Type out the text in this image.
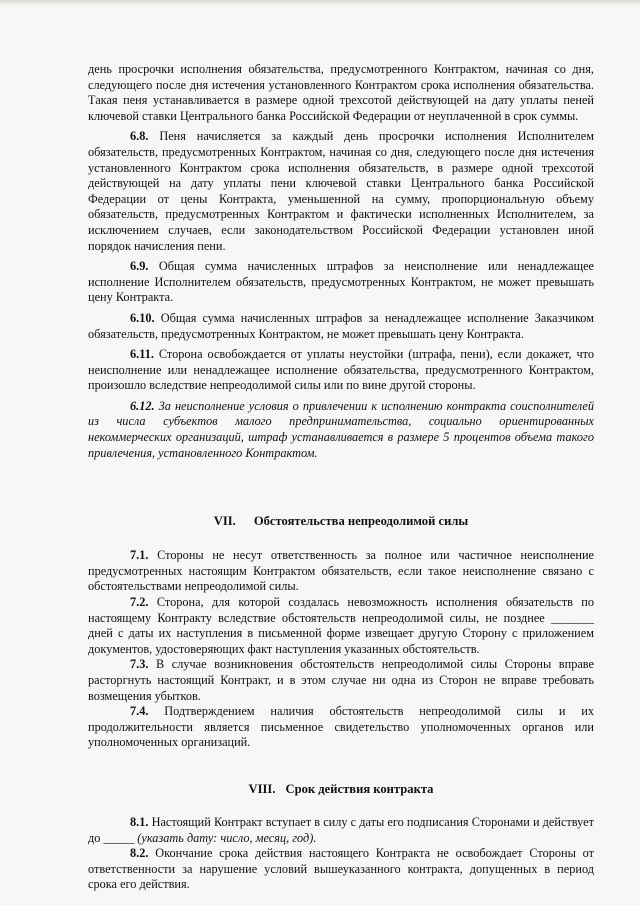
день просрочки исполнения обязательства, предусмотренного Контрактом, начиная со дня, следующего после дня истечения установленного Контрактом срока исполнения обязательства. Такая пеня устанавливается в размере одной трехсотой действующей на дату уплаты пеней ключевой ставки Центрального банка Российской Федерации от неуплаченной в срок суммы.

6.8. Пеня начисляется за каждый день просрочки исполнения Исполнителем обязательств, предусмотренных Контрактом, начиная со дня, следующего после дня истечения установленного Контрактом срока исполнения обязательств, в размере одной трехсотой действующей на дату уплаты пени ключевой ставки Центрального банка Российской Федерации от цены Контракта, уменьшенной на сумму, пропорциональную объему обязательств, предусмотренных Контрактом и фактически исполненных Исполнителем, за исключением случаев, если законодательством Российской Федерации установлен иной порядок начисления пени.

6.9. Общая сумма начисленных штрафов за неисполнение или ненадлежащее исполнение Исполнителем обязательств, предусмотренных Контрактом, не может превышать цену Контракта.

6.10. Общая сумма начисленных штрафов за ненадлежащее исполнение Заказчиком обязательств, предусмотренных Контрактом, не может превышать цену Контракта.

6.11. Сторона освобождается от уплаты неустойки (штрафа, пени), если докажет, что неисполнение или ненадлежащее исполнение обязательства, предусмотренного Контрактом, произошло вследствие непреодолимой силы или по вине другой стороны.

6.12. За неисполнение условия о привлечении к исполнению контракта соисполнителей из числа субъектов малого предпринимательства, социально ориентированных некоммерческих организаций, штраф устанавливается в размере 5 процентов объема такого привлечения, установленного Контрактом.

VII. Обстоятельства непреодолимой силы

7.1. Стороны не несут ответственность за полное или частичное неисполнение предусмотренных настоящим Контрактом обязательств, если такое неисполнение связано с обстоятельствами непреодолимой силы.

7.2. Сторона, для которой создалась невозможность исполнения обязательств по настоящему Контракту вследствие обстоятельств непреодолимой силы, не позднее _______ дней с даты их наступления в письменной форме извещает другую Сторону с приложением документов, удостоверяющих факт наступления указанных обстоятельств.

7.3. В случае возникновения обстоятельств непреодолимой силы Стороны вправе расторгнуть настоящий Контракт, и в этом случае ни одна из Сторон не вправе требовать возмещения убытков.

7.4. Подтверждением наличия обстоятельств непреодолимой силы и их продолжительности является письменное свидетельство уполномоченных органов или уполномоченных организаций.

VIII. Срок действия контракта

8.1. Настоящий Контракт вступает в силу с даты его подписания Сторонами и действует до _____ (указать дату: число, месяц, год).

8.2. Окончание срока действия настоящего Контракта не освобождает Стороны от ответственности за нарушение условий вышеуказанного контракта, допущенных в период срока его действия.
